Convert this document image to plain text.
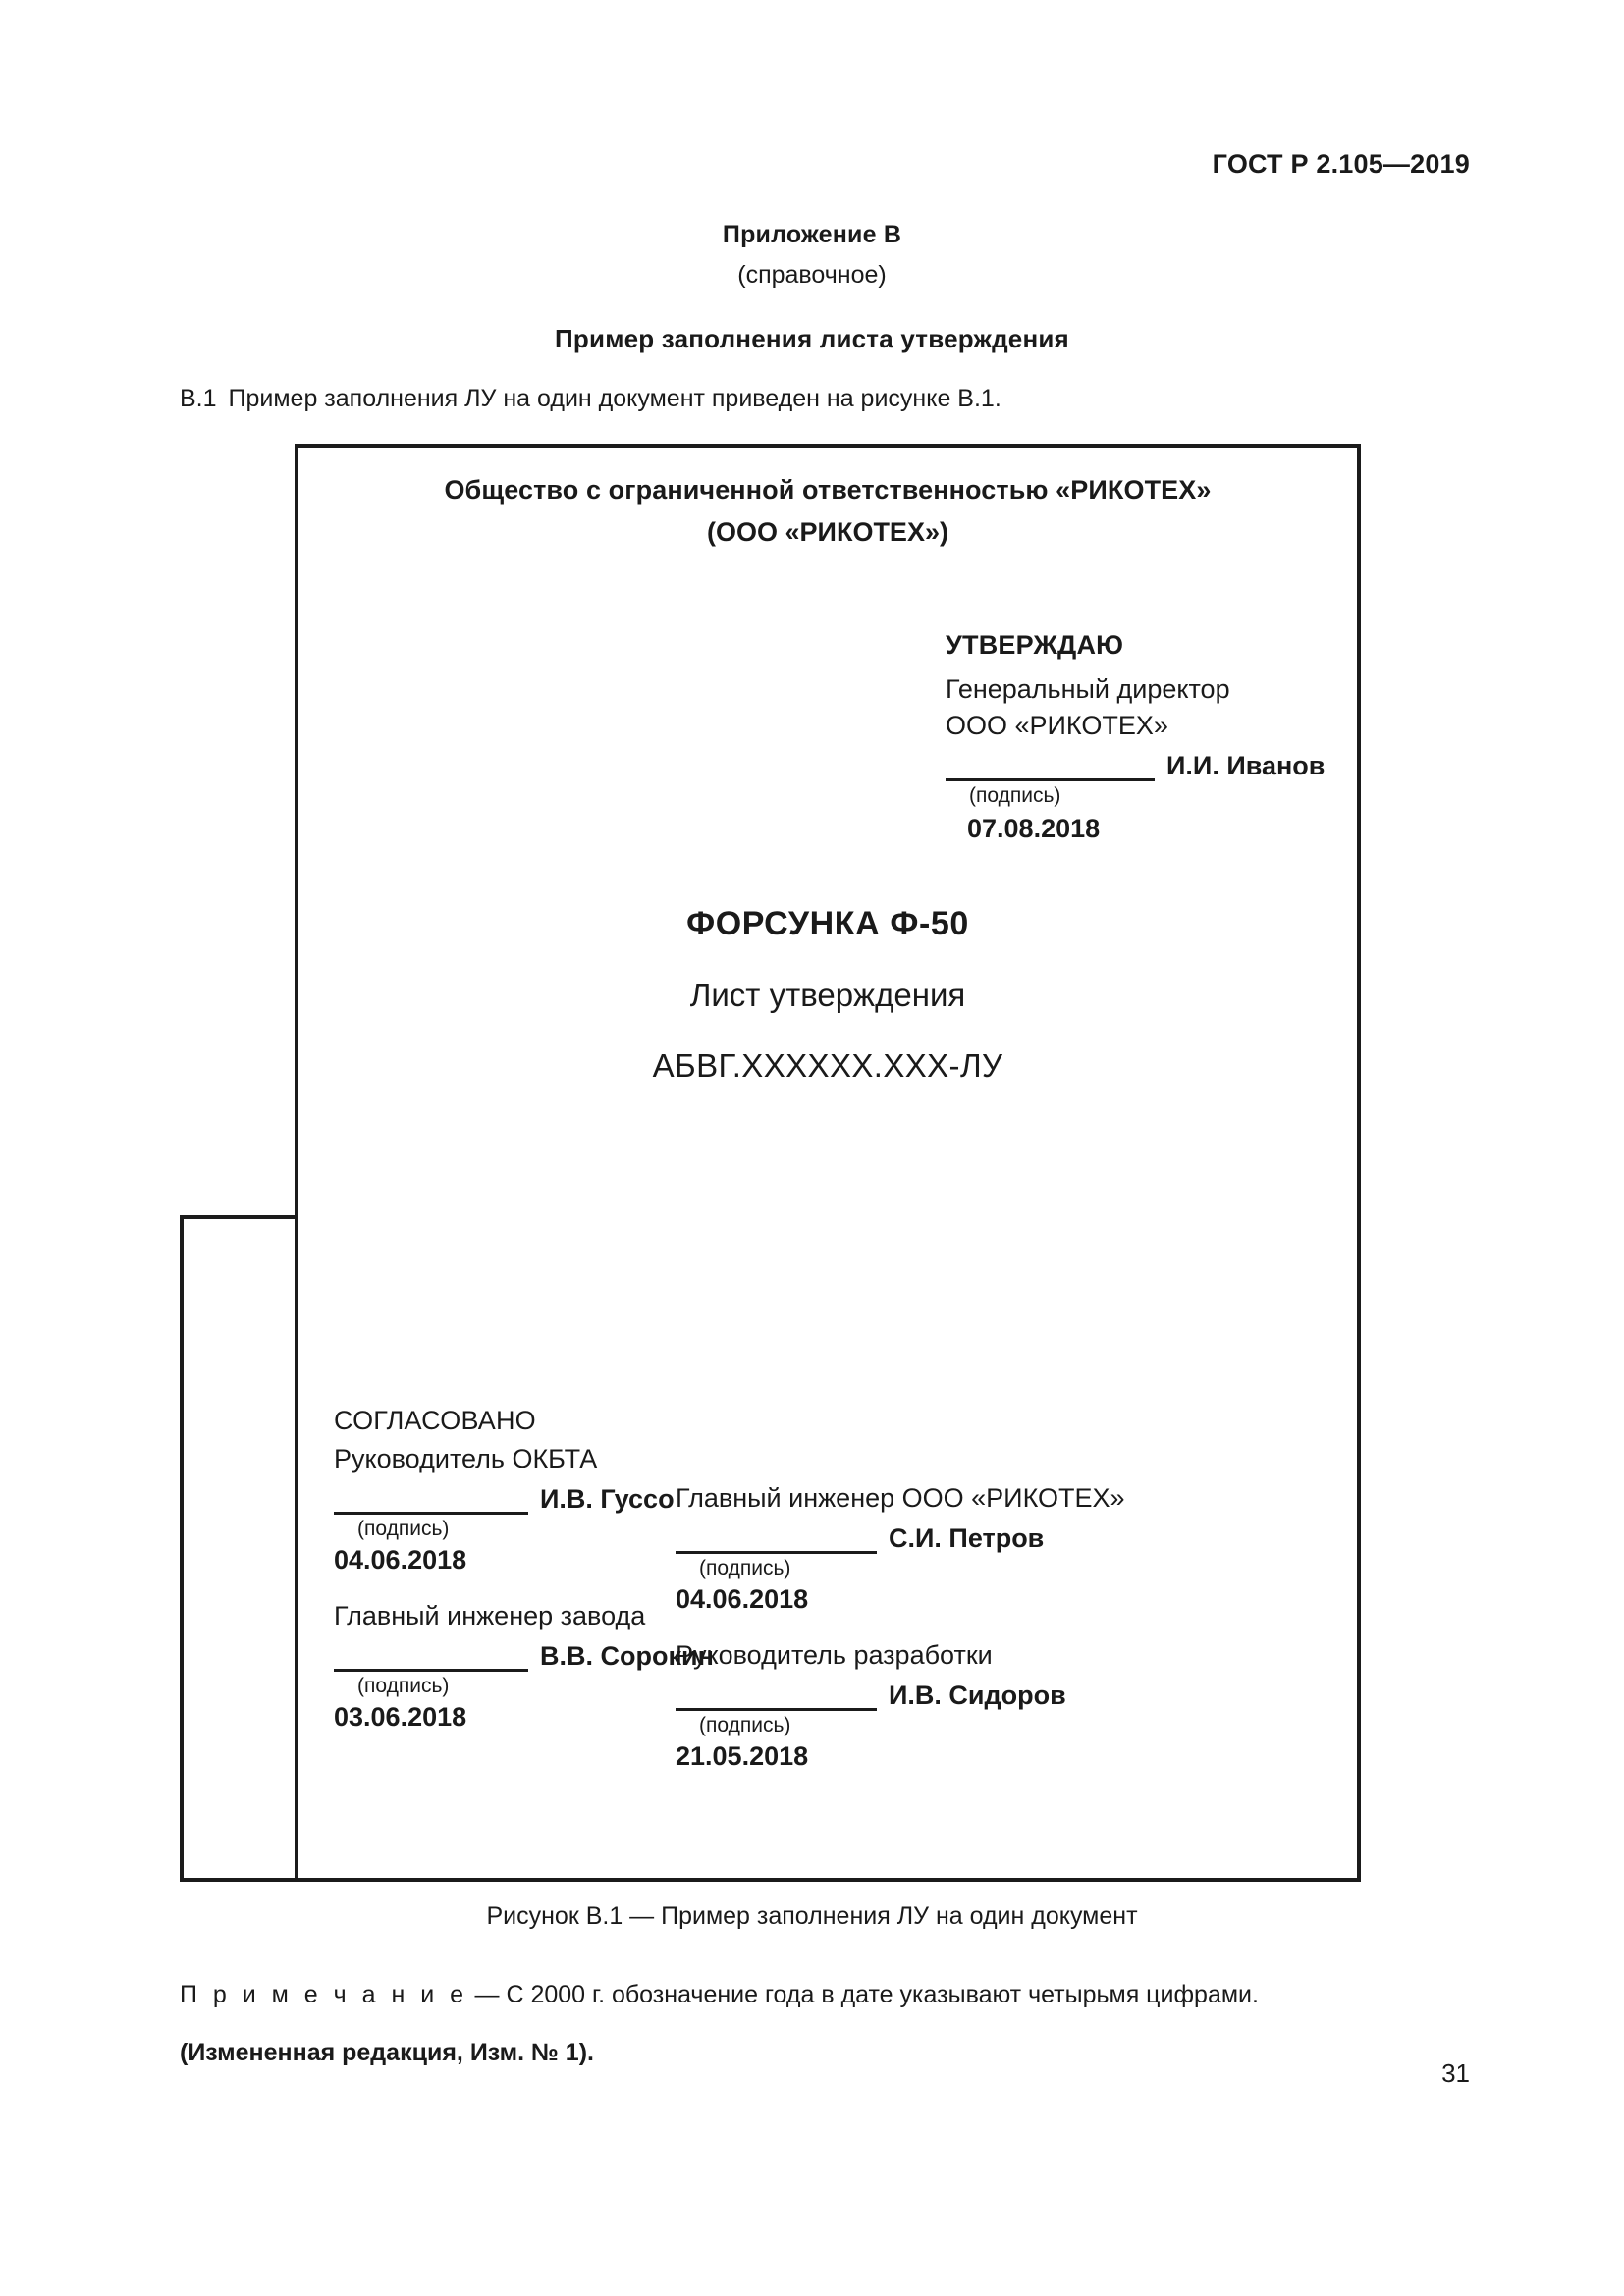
ГОСТ Р 2.105—2019
Приложение В
(справочное)
Пример заполнения листа утверждения
В.1 Пример заполнения ЛУ на один документ приведен на рисунке В.1.
Общество с ограниченной ответственностью «РИКОТЕХ»
(ООО «РИКОТЕХ»)
УТВЕРЖДАЮ
Генеральный директор
ООО «РИКОТЕХ»
И.И. Иванов
(подпись)
07.08.2018
ФОРСУНКА Ф-50
Лист утверждения
АБВГ.ХХХХХХ.ХХХ-ЛУ
СОГЛАСОВАНО
Руководитель ОКБТА
И.В. Гуссо
(подпись)
04.06.2018
Главный инженер завода
В.В. Сорокин
(подпись)
03.06.2018
Главный инженер ООО «РИКОТЕХ»
С.И. Петров
(подпись)
04.06.2018
Руководитель разработки
И.В. Сидоров
(подпись)
21.05.2018
Рисунок В.1 — Пример заполнения ЛУ на один документ
П р и м е ч а н и е — С 2000 г. обозначение года в дате указывают четырьмя цифрами.
(Измененная редакция, Изм. № 1).
31
